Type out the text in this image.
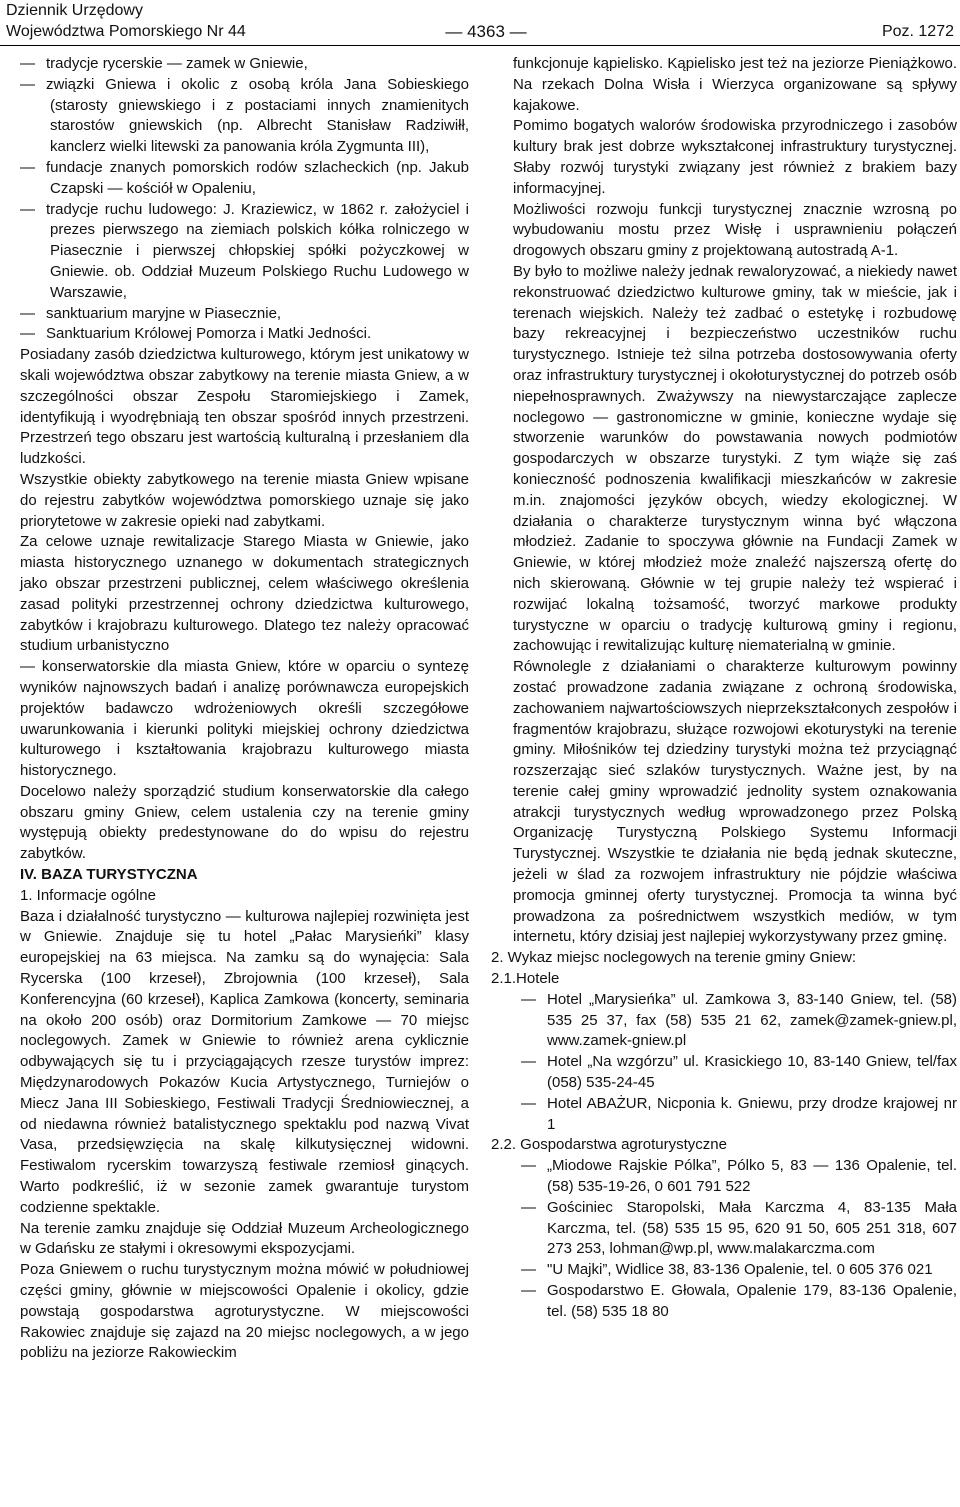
Dziennik Urzędowy
Województwa Pomorskiego Nr 44	— 4363 —	Poz. 1272

— tradycje rycerskie — zamek w Gniewie,

— związki Gniewa i okolic z osobą króla Jana Sobieskiego (starosty gniewskiego i z postaciami innych znamienitych starostów gniewskich (np. Albrecht Stanisław Radziwiłł, kanclerz wielki litewski za panowania króla Zygmunta III),

— fundacje znanych pomorskich rodów szlacheckich (np. Jakub Czapski — kościół w Opaleniu,

— tradycje ruchu ludowego: J. Kraziewicz, w 1862 r. założyciel i prezes pierwszego na ziemiach polskich kółka rolniczego w Piasecznie i pierwszej chłopskiej spółki pożyczkowej w Gniewie. ob. Oddział Muzeum Polskiego Ruchu Ludowego w Warszawie,

— sanktuarium maryjne w Piasecznie,

— Sanktuarium Królowej Pomorza i Matki Jedności.

Posiadany zasób dziedzictwa kulturowego, którym jest unikatowy w skali województwa obszar zabytkowy na terenie miasta Gniew, a w szczególności obszar Zespołu Staromiejskiego i Zamek, identyfikują i wyodrębniają ten obszar spośród innych przestrzeni. Przestrzeń tego obszaru jest wartością kulturalną i przesłaniem dla ludzkości.

Wszystkie obiekty zabytkowego na terenie miasta Gniew wpisane do rejestru zabytków województwa pomorskiego uznaje się jako priorytetowe w zakresie opieki nad zabytkami.

Za celowe uznaje rewitalizacje Starego Miasta w Gniewie, jako miasta historycznego uznanego w dokumentach strategicznych jako obszar przestrzeni publicznej, celem właściwego określenia zasad polityki przestrzennej ochrony dziedzictwa kulturowego, zabytków i krajobrazu kulturowego. Dlatego tez należy opracować studium urbanistyczno

— konserwatorskie dla miasta Gniew, które w oparciu o syntezę wyników najnowszych badań i analizę porównawcza europejskich projektów badawczo wdrożeniowych określi szczegółowe uwarunkowania i kierunki polityki miejskiej ochrony dziedzictwa kulturowego i kształtowania krajobrazu kulturowego miasta historycznego.

Docelowo należy sporządzić studium konserwatorskie dla całego obszaru gminy Gniew, celem ustalenia czy na terenie gminy występują obiekty predestynowane do do wpisu do rejestru zabytków.

IV. BAZA TURYSTYCZNA

1. Informacje ogólne

Baza i działalność turystyczno — kulturowa najlepiej rozwinięta jest w Gniewie. Znajduje się tu hotel „Pałac Marysieńki” klasy europejskiej na 63 miejsca. Na zamku są do wynajęcia: Sala Rycerska (100 krzeseł), Zbrojownia (100 krzeseł), Sala Konferencyjna (60 krzeseł), Kaplica Zamkowa (koncerty, seminaria na około 200 osób) oraz Dormitorium Zamkowe — 70 miejsc noclegowych. Zamek w Gniewie to również arena cyklicznie odbywających się tu i przyciągających rzesze turystów imprez: Międzynarodowych Pokazów Kucia Artystycznego, Turniejów o Miecz Jana III Sobieskiego, Festiwali Tradycji Średniowiecznej, a od niedawna również batalistycznego spektaklu pod nazwą Vivat Vasa, przedsięwzięcia na skalę kilkutysięcznej widowni. Festiwalom rycerskim towarzyszą festiwale rzemiosł ginących. Warto podkreślić, iż w sezonie zamek gwarantuje turystom codzienne spektakle.

Na terenie zamku znajduje się Oddział Muzeum Archeologicznego w Gdańsku ze stałymi i okresowymi ekspozycjami.

Poza Gniewem o ruchu turystycznym można mówić w południowej części gminy, głównie w miejscowości Opalenie i okolicy, gdzie powstają gospodarstwa agroturystyczne. W miejscowości Rakowiec znajduje się zajazd na 20 miejsc noclegowych, a w jego pobliżu na jeziorze Rakowieckim

funkcjonuje kąpielisko. Kąpielisko jest też na jeziorze Pieniążkowo. Na rzekach Dolna Wisła i Wierzyca organizowane są spływy kajakowe.

Pomimo bogatych walorów środowiska przyrodniczego i zasobów kultury brak jest dobrze wykształconej infrastruktury turystycznej. Słaby rozwój turystyki związany jest również z brakiem bazy informacyjnej.

Możliwości rozwoju funkcji turystycznej znacznie wzrosną po wybudowaniu mostu przez Wisłę i usprawnieniu połączeń drogowych obszaru gminy z projektowaną autostradą A-1.

By było to możliwe należy jednak rewaloryzować, a niekiedy nawet rekonstruować dziedzictwo kulturowe gminy, tak w mieście, jak i terenach wiejskich. Należy też zadbać o estetykę i rozbudowę bazy rekreacyjnej i bezpieczeństwo uczestników ruchu turystycznego. Istnieje też silna potrzeba dostosowywania oferty oraz infrastruktury turystycznej i okołoturystycznej do potrzeb osób niepełnosprawnych. Zważywszy na niewystarczające zaplecze noclegowo — gastronomiczne w gminie, konieczne wydaje się stworzenie warunków do powstawania nowych podmiotów gospodarczych w obszarze turystyki. Z tym wiąże się zaś konieczność podnoszenia kwalifikacji mieszkańców w zakresie m.in. znajomości języków obcych, wiedzy ekologicznej. W działania o charakterze turystycznym winna być włączona młodzież. Zadanie to spoczywa głównie na Fundacji Zamek w Gniewie, w której młodzież może znaleźć najszerszą ofertę do nich skierowaną. Głównie w tej grupie należy też wspierać i rozwijać lokalną tożsamość, tworzyć markowe produkty turystyczne w oparciu o tradycję kulturową gminy i regionu, zachowując i rewitalizując kulturę niematerialną w gminie.

Równolegle z działaniami o charakterze kulturowym powinny zostać prowadzone zadania związane z ochroną środowiska, zachowaniem najwartościowszych nieprzekształconych zespołów i fragmentów krajobrazu, służące rozwojowi ekoturystyki na terenie gminy. Miłośników tej dziedziny turystyki można też przyciągnąć rozszerzając sieć szlaków turystycznych. Ważne jest, by na terenie całej gminy wprowadzić jednolity system oznakowania atrakcji turystycznych według wprowadzonego przez Polską Organizację Turystyczną Polskiego Systemu Informacji Turystycznej. Wszystkie te działania nie będą jednak skuteczne, jeżeli w ślad za rozwojem infrastruktury nie pójdzie właściwa promocja gminnej oferty turystycznej. Promocja ta winna być prowadzona za pośrednictwem wszystkich mediów, w tym internetu, który dzisiaj jest najlepiej wykorzystywany przez gminę.

2. Wykaz miejsc noclegowych na terenie gminy Gniew:

2.1.Hotele

— Hotel „Marysieńka” ul. Zamkowa 3, 83-140 Gniew, tel. (58) 535 25 37, fax (58) 535 21 62, zamek@zamek-gniew.pl, www.zamek-gniew.pl

— Hotel „Na wzgórzu” ul. Krasickiego 10, 83-140 Gniew, tel/fax (058) 535-24-45

— Hotel ABAŻUR, Nicponia k. Gniewu, przy drodze krajowej nr 1

2.2. Gospodarstwa agroturystyczne

— „Miodowe Rajskie Pólka”, Pólko 5, 83 — 136 Opalenie, tel. (58) 535-19-26, 0 601 791 522

— Gościniec Staropolski, Mała Karczma 4, 83-135 Mała Karczma, tel. (58) 535 15 95, 620 91 50, 605 251 318, 607 273 253, lohman@wp.pl, www.malakarczma.com

— "U Majki”, Widlice 38, 83-136 Opalenie, tel. 0 605 376 021

— Gospodarstwo E. Głowala, Opalenie 179, 83-136 Opalenie, tel. (58) 535 18 80
